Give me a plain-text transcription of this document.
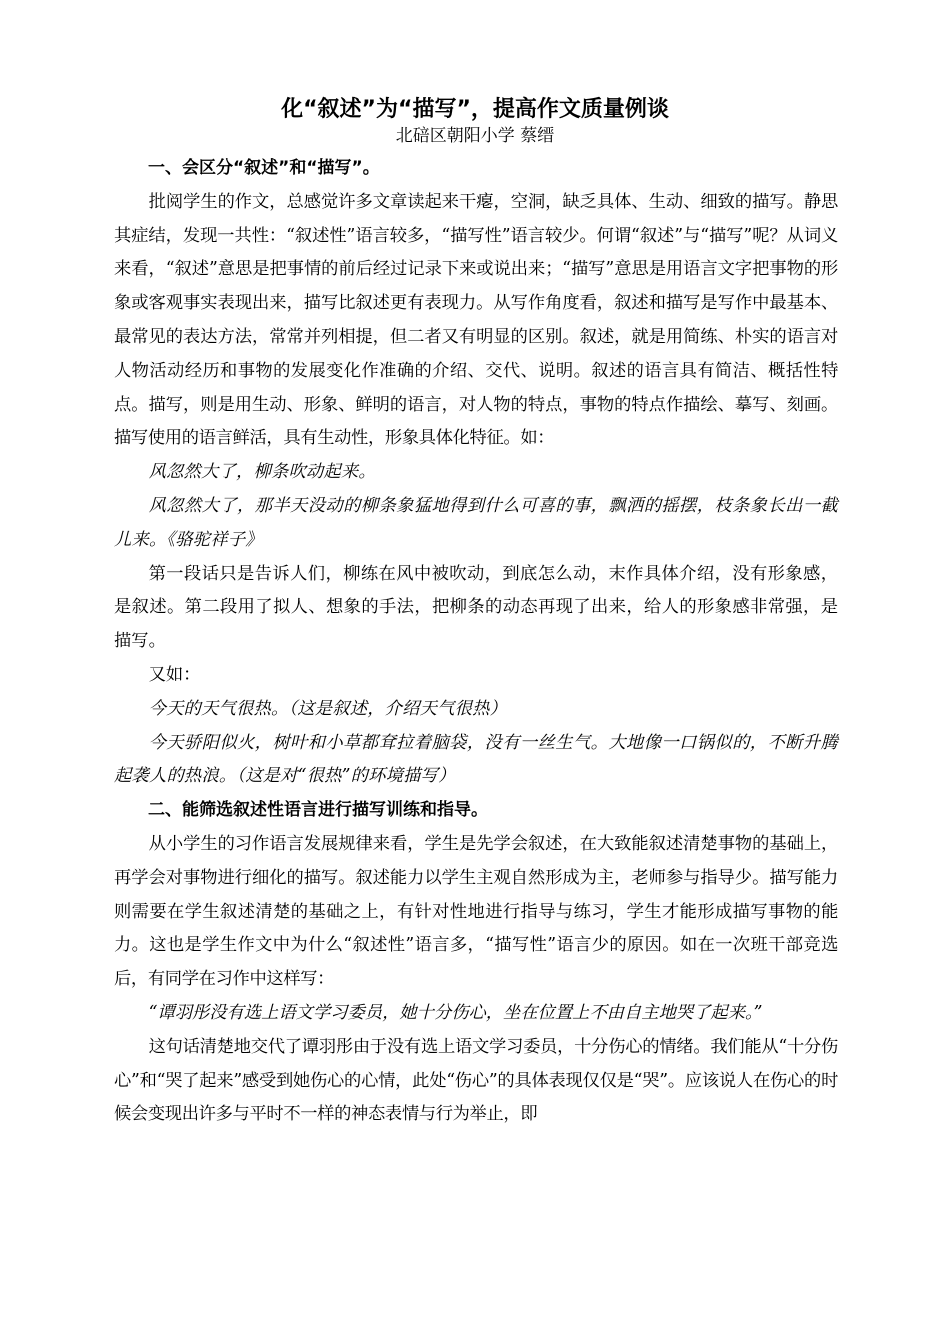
化“叙述”为“描写”，提高作文质量例谈
北碚区朝阳小学 蔡缙

一、会区分“叙述”和“描写”。

批阅学生的作文，总感觉许多文章读起来干瘪，空洞，缺乏具体、生动、细致的描写。静思其症结，发现一共性：“叙述性”语言较多，“描写性”语言较少。何谓“叙述”与“描写”呢？从词义来看，“叙述”意思是把事情的前后经过记录下来或说出来；“描写”意思是用语言文字把事物的形象或客观事实表现出来，描写比叙述更有表现力。从写作角度看，叙述和描写是写作中最基本、最常见的表达方法，常常并列相提，但二者又有明显的区别。叙述，就是用简练、朴实的语言对人物活动经历和事物的发展变化作准确的介绍、交代、说明。叙述的语言具有简洁、概括性特点。描写，则是用生动、形象、鲜明的语言，对人物的特点，事物的特点作描绘、摹写、刻画。描写使用的语言鲜活，具有生动性，形象具体化特征。如：

风忽然大了，柳条吹动起来。

风忽然大了，那半天没动的柳条象猛地得到什么可喜的事，飘洒的摇摆，枝条象长出一截儿来。《骆驼祥子》

第一段话只是告诉人们，柳练在风中被吹动，到底怎么动，末作具体介绍，没有形象感，是叙述。第二段用了拟人、想象的手法，把柳条的动态再现了出来，给人的形象感非常强，是描写。

又如：

今天的天气很热。（这是叙述，介绍天气很热）

今天骄阳似火，树叶和小草都耷拉着脑袋，没有一丝生气。大地像一口锅似的，不断升腾起袭人的热浪。（这是对“很热”的环境描写）

二、能筛选叙述性语言进行描写训练和指导。

从小学生的习作语言发展规律来看，学生是先学会叙述，在大致能叙述清楚事物的基础上，再学会对事物进行细化的描写。叙述能力以学生主观自然形成为主，老师参与指导少。描写能力则需要在学生叙述清楚的基础之上，有针对性地进行指导与练习，学生才能形成描写事物的能力。这也是学生作文中为什么“叙述性”语言多，“描写性”语言少的原因。如在一次班干部竞选后，有同学在习作中这样写：

“谭羽彤没有选上语文学习委员，她十分伤心，坐在位置上不由自主地哭了起来。”

这句话清楚地交代了谭羽彤由于没有选上语文学习委员，十分伤心的情绪。我们能从“十分伤心”和“哭了起来”感受到她伤心的心情，此处“伤心”的具体表现仅仅是“哭”。应该说人在伤心的时候会变现出许多与平时不一样的神态表情与行为举止，即
